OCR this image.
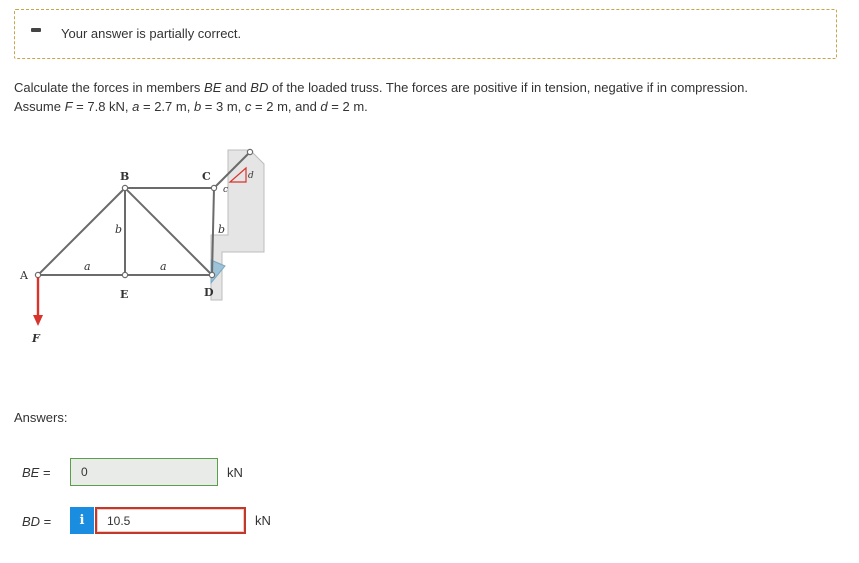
Your answer is partially correct.
Calculate the forces in members BE and BD of the loaded truss. The forces are positive if in tension, negative if in compression.
Assume F = 7.8 kN, a = 2.7 m, b = 3 m, c = 2 m, and d = 2 m.
A
B	C
D
E
F
a	a
b	b
c
d
Answers:
BE =	0	kN
BD =	i	10.5	kN
